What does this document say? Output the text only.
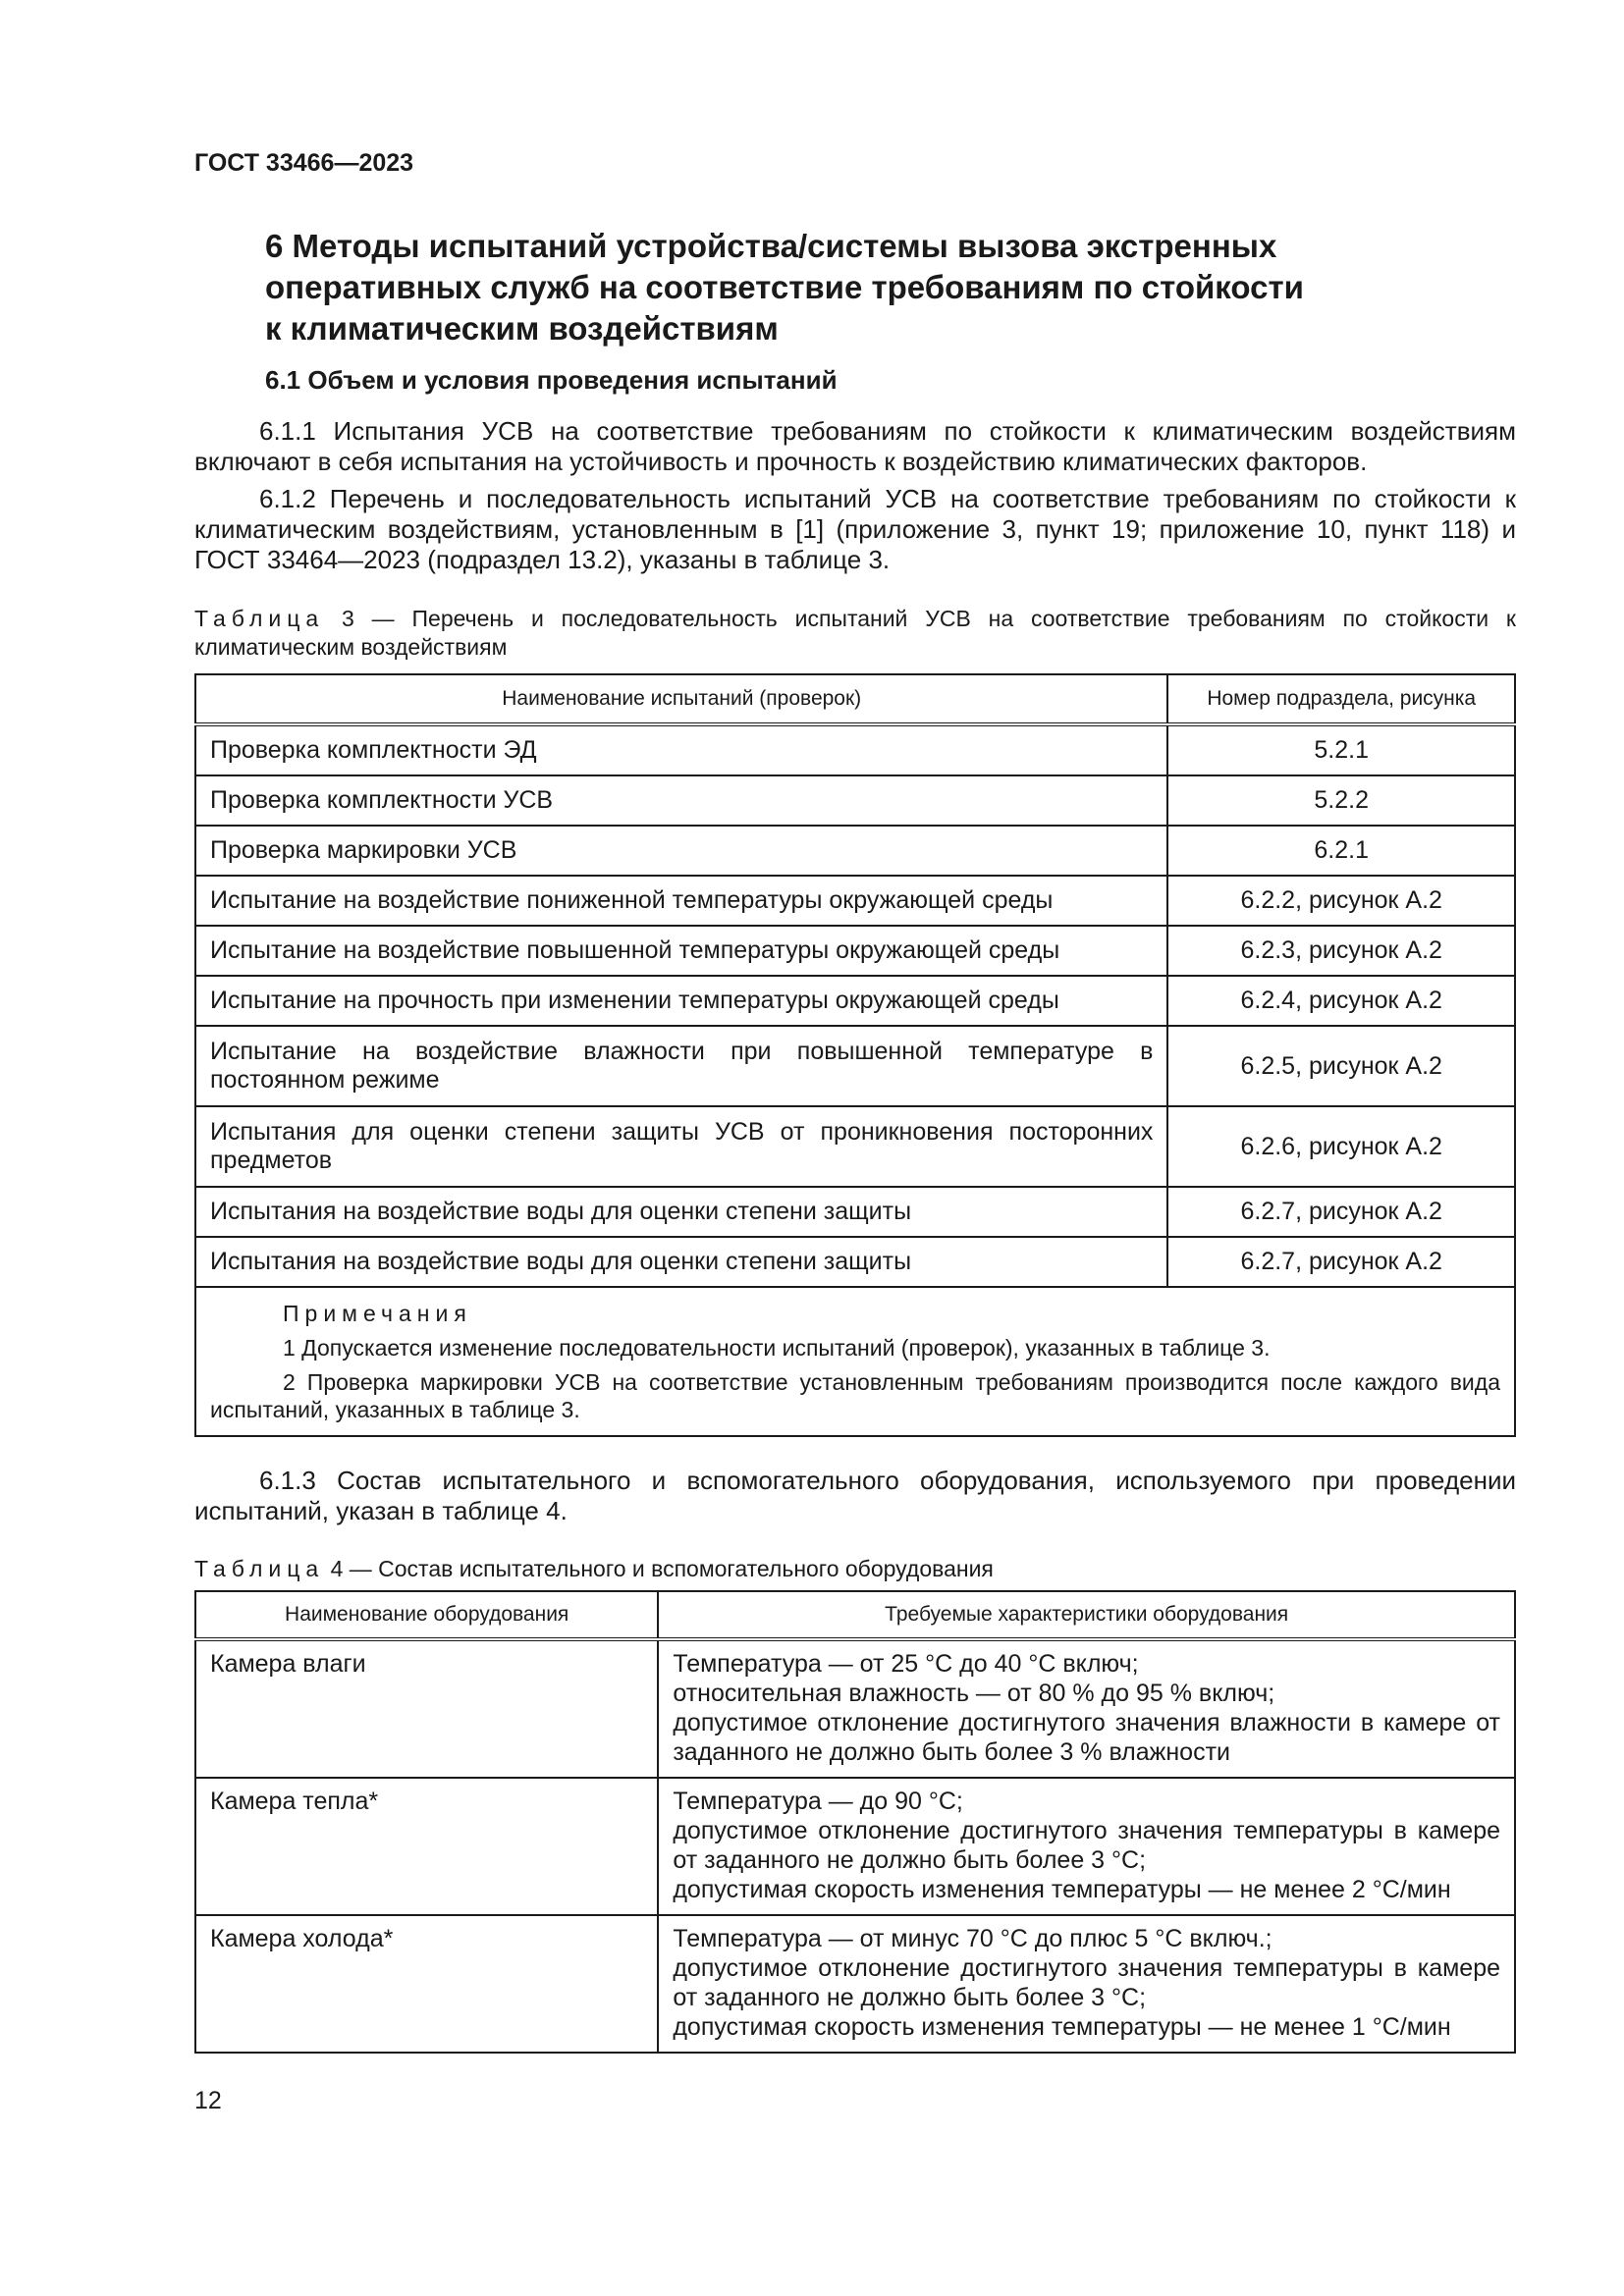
ГОСТ 33466—2023
6 Методы испытаний устройства/системы вызова экстренных
оперативных служб на соответствие требованиям по стойкости
к климатическим воздействиям
6.1 Объем и условия проведения испытаний
6.1.1 Испытания УСВ на соответствие требованиям по стойкости к климатическим воздействиям включают в себя испытания на устойчивость и прочность к воздействию климатических факторов.
6.1.2 Перечень и последовательность испытаний УСВ на соответствие требованиям по стойкости к климатическим воздействиям, установленным в [1] (приложение 3, пункт 19; приложение 10, пункт 118) и ГОСТ 33464—2023 (подраздел 13.2), указаны в таблице 3.
Таблица 3 — Перечень и последовательность испытаний УСВ на соответствие требованиям по стойкости к климатическим воздействиям
Наименование испытаний (проверок)	Номер подраздела, рисунка
Проверка комплектности ЭД	5.2.1
Проверка комплектности УСВ	5.2.2
Проверка маркировки УСВ	6.2.1
Испытание на воздействие пониженной температуры окружающей среды	6.2.2, рисунок А.2
Испытание на воздействие повышенной температуры окружающей среды	6.2.3, рисунок А.2
Испытание на прочность при изменении температуры окружающей среды	6.2.4, рисунок А.2
Испытание на воздействие влажности при повышенной температуре в постоянном режиме	6.2.5, рисунок А.2
Испытания для оценки степени защиты УСВ от проникновения посторонних предметов	6.2.6, рисунок А.2
Испытания на воздействие воды для оценки степени защиты	6.2.7, рисунок А.2
Испытания на воздействие воды для оценки степени защиты	6.2.7, рисунок А.2

Примечания
1 Допускается изменение последовательности испытаний (проверок), указанных в таблице 3.
2 Проверка маркировки УСВ на соответствие установленным требованиям производится после каждого вида испытаний, указанных в таблице 3.	
6.1.3 Состав испытательного и вспомогательного оборудования, используемого при проведении испытаний, указан в таблице 4.
Таблица 4 — Состав испытательного и вспомогательного оборудования
Наименование оборудования	Требуемые характеристики оборудования
Камера влаги	Температура — от 25 °С до 40 °С включ;
относительная влажность — от 80 % до 95 % включ;
допустимое отклонение достигнутого значения влажности в камере от заданного не должно быть более 3 % влажности

Камера тепла*	Температура — до 90 °С;
допустимое отклонение достигнутого значения температуры в камере от заданного не должно быть более 3 °С;
допустимая скорость изменения температуры — не менее 2 °С/мин

Камера холода*	Температура — от минус 70 °С до плюс 5 °С включ.;
допустимое отклонение достигнутого значения температуры в камере от заданного не должно быть более 3 °С;
допустимая скорость изменения температуры — не менее 1 °С/мин
12
